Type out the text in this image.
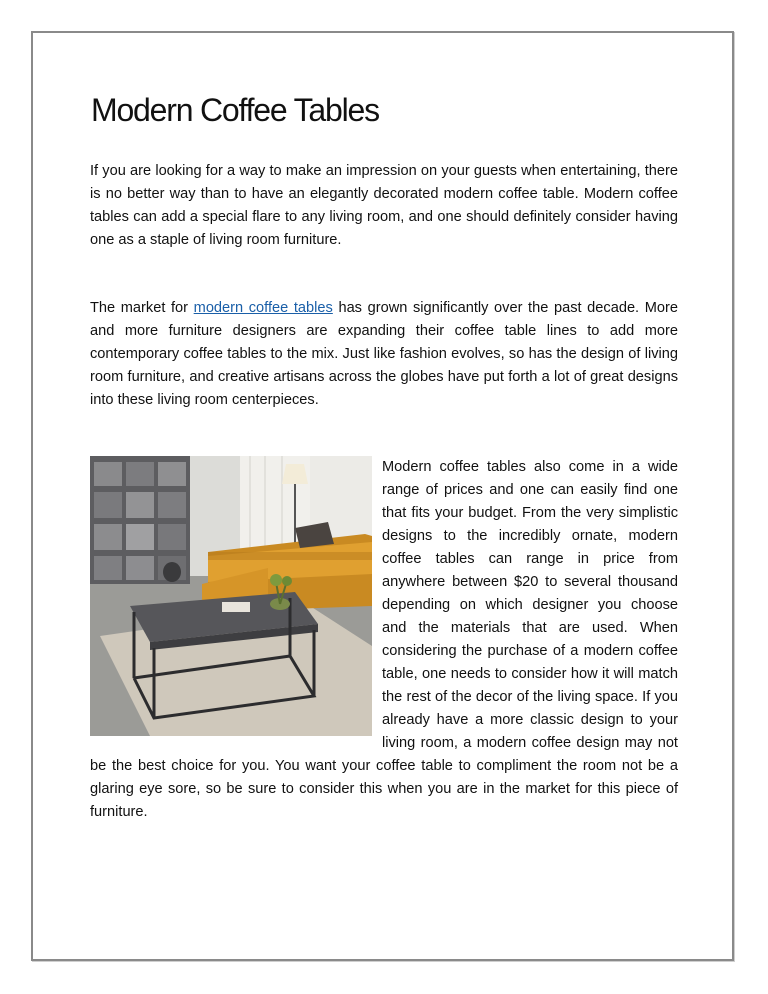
Modern Coffee Tables

If you are looking for a way to make an impression on your guests when entertaining, there is no better way than to have an elegantly decorated modern coffee table. Modern coffee tables can add a special flare to any living room, and one should definitely consider having one as a staple of living room furniture.

The market for modern coffee tables has grown significantly over the past decade. More and more furniture designers are expanding their coffee table lines to add more contemporary coffee tables to the mix. Just like fashion evolves, so has the design of living room furniture, and creative artisans across the globes have put forth a lot of great designs into these living room centerpieces.

Modern coffee tables also come in a wide range of prices and one can easily find one that fits your budget. From the very simplistic designs to the incredibly ornate, modern coffee tables can range in price from anywhere between $20 to several thousand depending on which designer you choose and the materials that are used. When considering the purchase of a modern coffee table, one needs to consider how it will match the rest of the decor of the living space. If you already have a more classic design to your living room, a modern coffee design may not be the best choice for you. You want your coffee table to compliment the room not be a glaring eye sore, so be sure to consider this when you are in the market for this piece of furniture.
